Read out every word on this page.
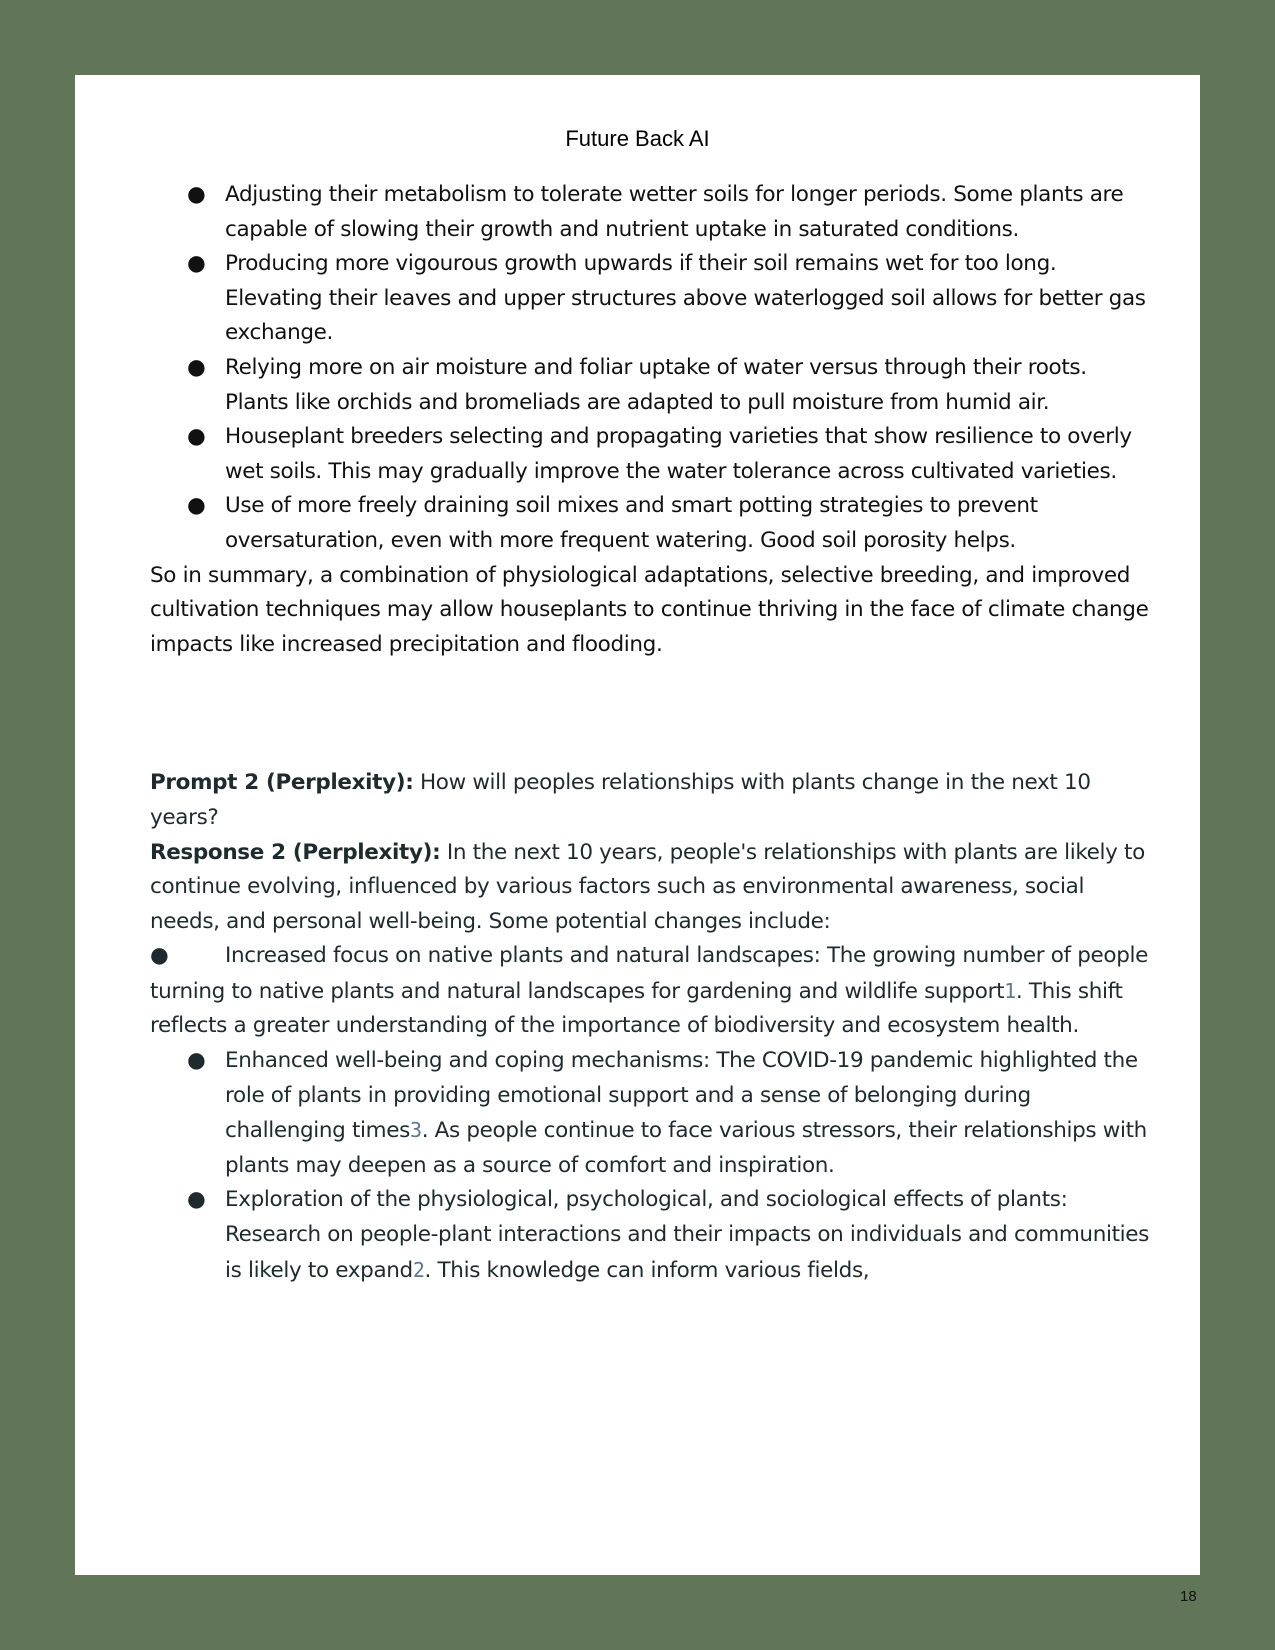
Future Back AI
● Adjusting their metabolism to tolerate wetter soils for longer periods. Some plants are capable of slowing their growth and nutrient uptake in saturated conditions.
● Producing more vigourous growth upwards if their soil remains wet for too long. Elevating their leaves and upper structures above waterlogged soil allows for better gas exchange.
● Relying more on air moisture and foliar uptake of water versus through their roots. Plants like orchids and bromeliads are adapted to pull moisture from humid air.
● Houseplant breeders selecting and propagating varieties that show resilience to overly wet soils. This may gradually improve the water tolerance across cultivated varieties.
● Use of more freely draining soil mixes and smart potting strategies to prevent oversaturation, even with more frequent watering. Good soil porosity helps.

So in summary, a combination of physiological adaptations, selective breeding, and improved cultivation techniques may allow houseplants to continue thriving in the face of climate change impacts like increased precipitation and flooding.

Prompt 2 (Perplexity): How will peoples relationships with plants change in the next 10 years?

Response 2 (Perplexity): In the next 10 years, people's relationships with plants are likely to continue evolving, influenced by various factors such as environmental awareness, social needs, and personal well-being. Some potential changes include:

●	Increased focus on native plants and natural landscapes: The growing number of people turning to native plants and natural landscapes for gardening and wildlife support1. This shift reflects a greater understanding of the importance of biodiversity and ecosystem health.

● Enhanced well-being and coping mechanisms: The COVID-19 pandemic highlighted the role of plants in providing emotional support and a sense of belonging during challenging times3. As people continue to face various stressors, their relationships with plants may deepen as a source of comfort and inspiration.
● Exploration of the physiological, psychological, and sociological effects of plants: Research on people-plant interactions and their impacts on individuals and communities is likely to expand2. This knowledge can inform various fields,
18
